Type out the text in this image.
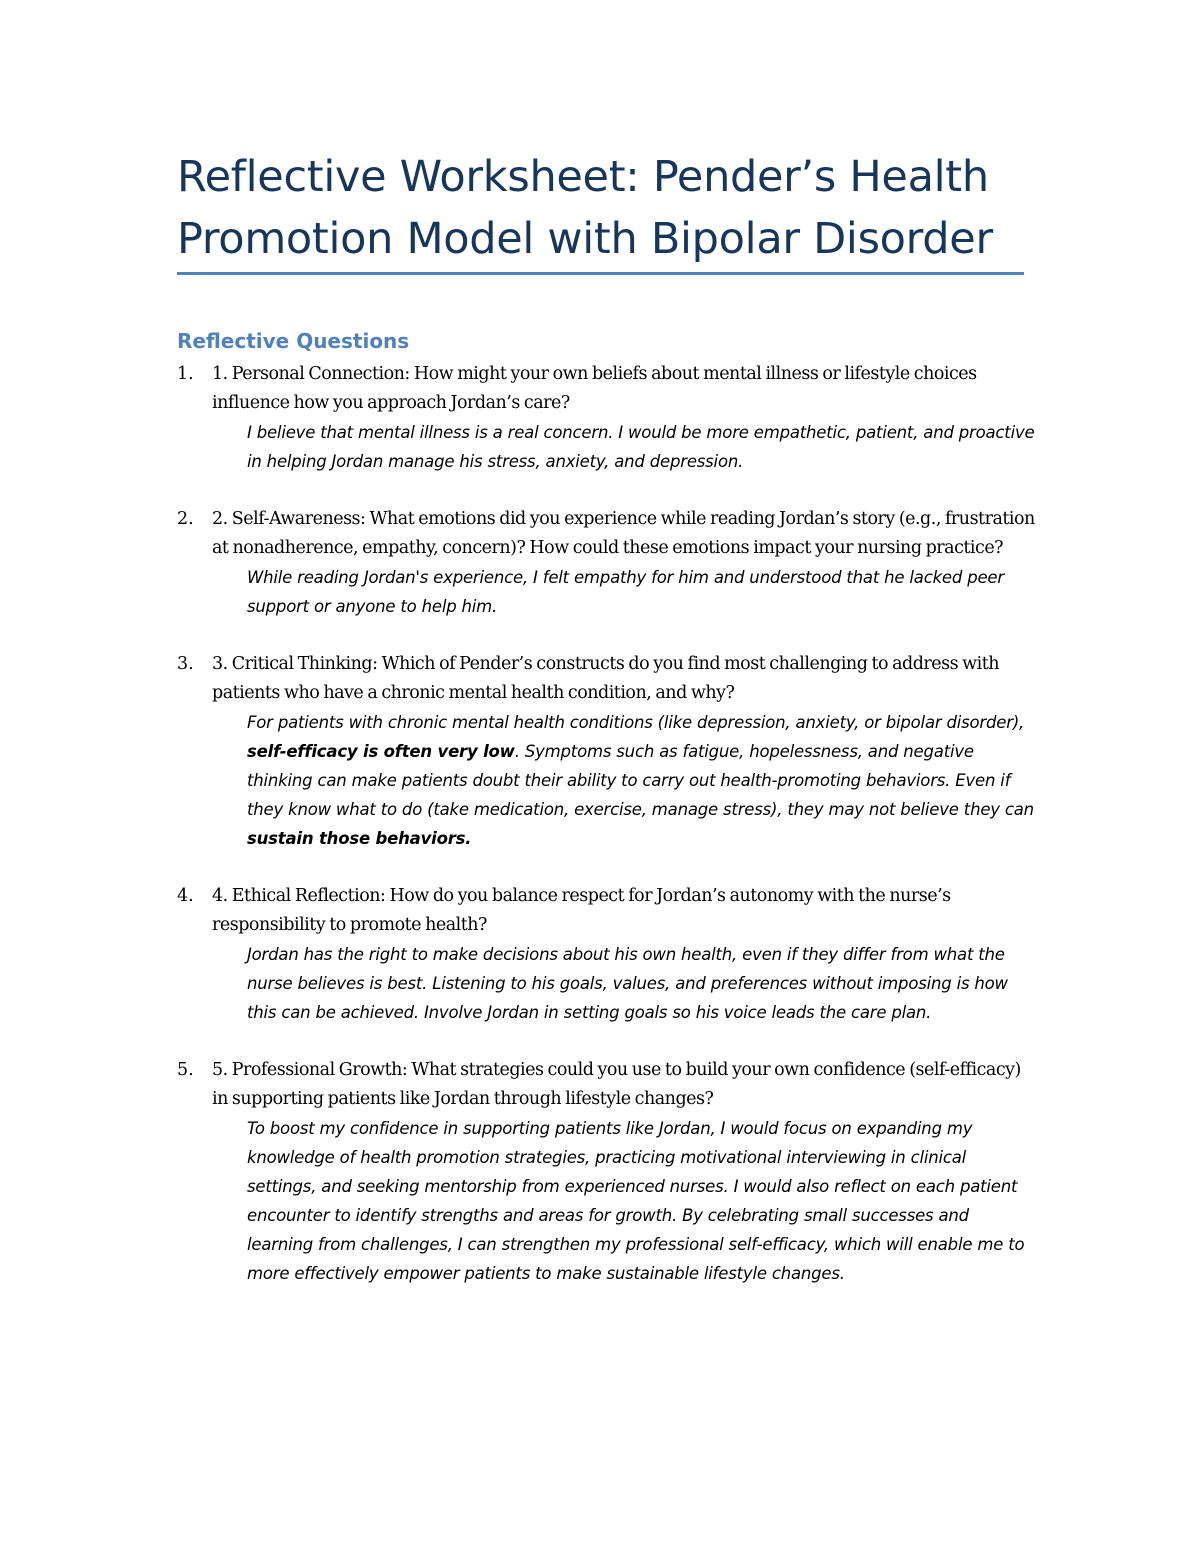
Reflective Worksheet: Pender’s Health
Promotion Model with Bipolar Disorder
Reflective Questions
1. 1. Personal Connection: How might your own beliefs about mental illness or lifestyle choices influence how you approach Jordan’s care?

I believe that mental illness is a real concern. I would be more empathetic, patient, and proactive in helping Jordan manage his stress, anxiety, and depression.

2. 2. Self-Awareness: What emotions did you experience while reading Jordan’s story (e.g., frustration at nonadherence, empathy, concern)? How could these emotions impact your nursing practice?

While reading Jordan's experience, I felt empathy for him and understood that he lacked peer support or anyone to help him.

3. 3. Critical Thinking: Which of Pender’s constructs do you find most challenging to address with patients who have a chronic mental health condition, and why?

For patients with chronic mental health conditions (like depression, anxiety, or bipolar disorder), self-efficacy is often very low. Symptoms such as fatigue, hopelessness, and negative thinking can make patients doubt their ability to carry out health-promoting behaviors. Even if they know what to do (take medication, exercise, manage stress), they may not believe they can sustain those behaviors.

4. 4. Ethical Reflection: How do you balance respect for Jordan’s autonomy with the nurse’s responsibility to promote health?

Jordan has the right to make decisions about his own health, even if they differ from what the nurse believes is best. Listening to his goals, values, and preferences without imposing is how this can be achieved. Involve Jordan in setting goals so his voice leads the care plan.

5. 5. Professional Growth: What strategies could you use to build your own confidence (self-efficacy) in supporting patients like Jordan through lifestyle changes?

To boost my confidence in supporting patients like Jordan, I would focus on expanding my knowledge of health promotion strategies, practicing motivational interviewing in clinical settings, and seeking mentorship from experienced nurses. I would also reflect on each patient encounter to identify strengths and areas for growth. By celebrating small successes and learning from challenges, I can strengthen my professional self-efficacy, which will enable me to more effectively empower patients to make sustainable lifestyle changes.
